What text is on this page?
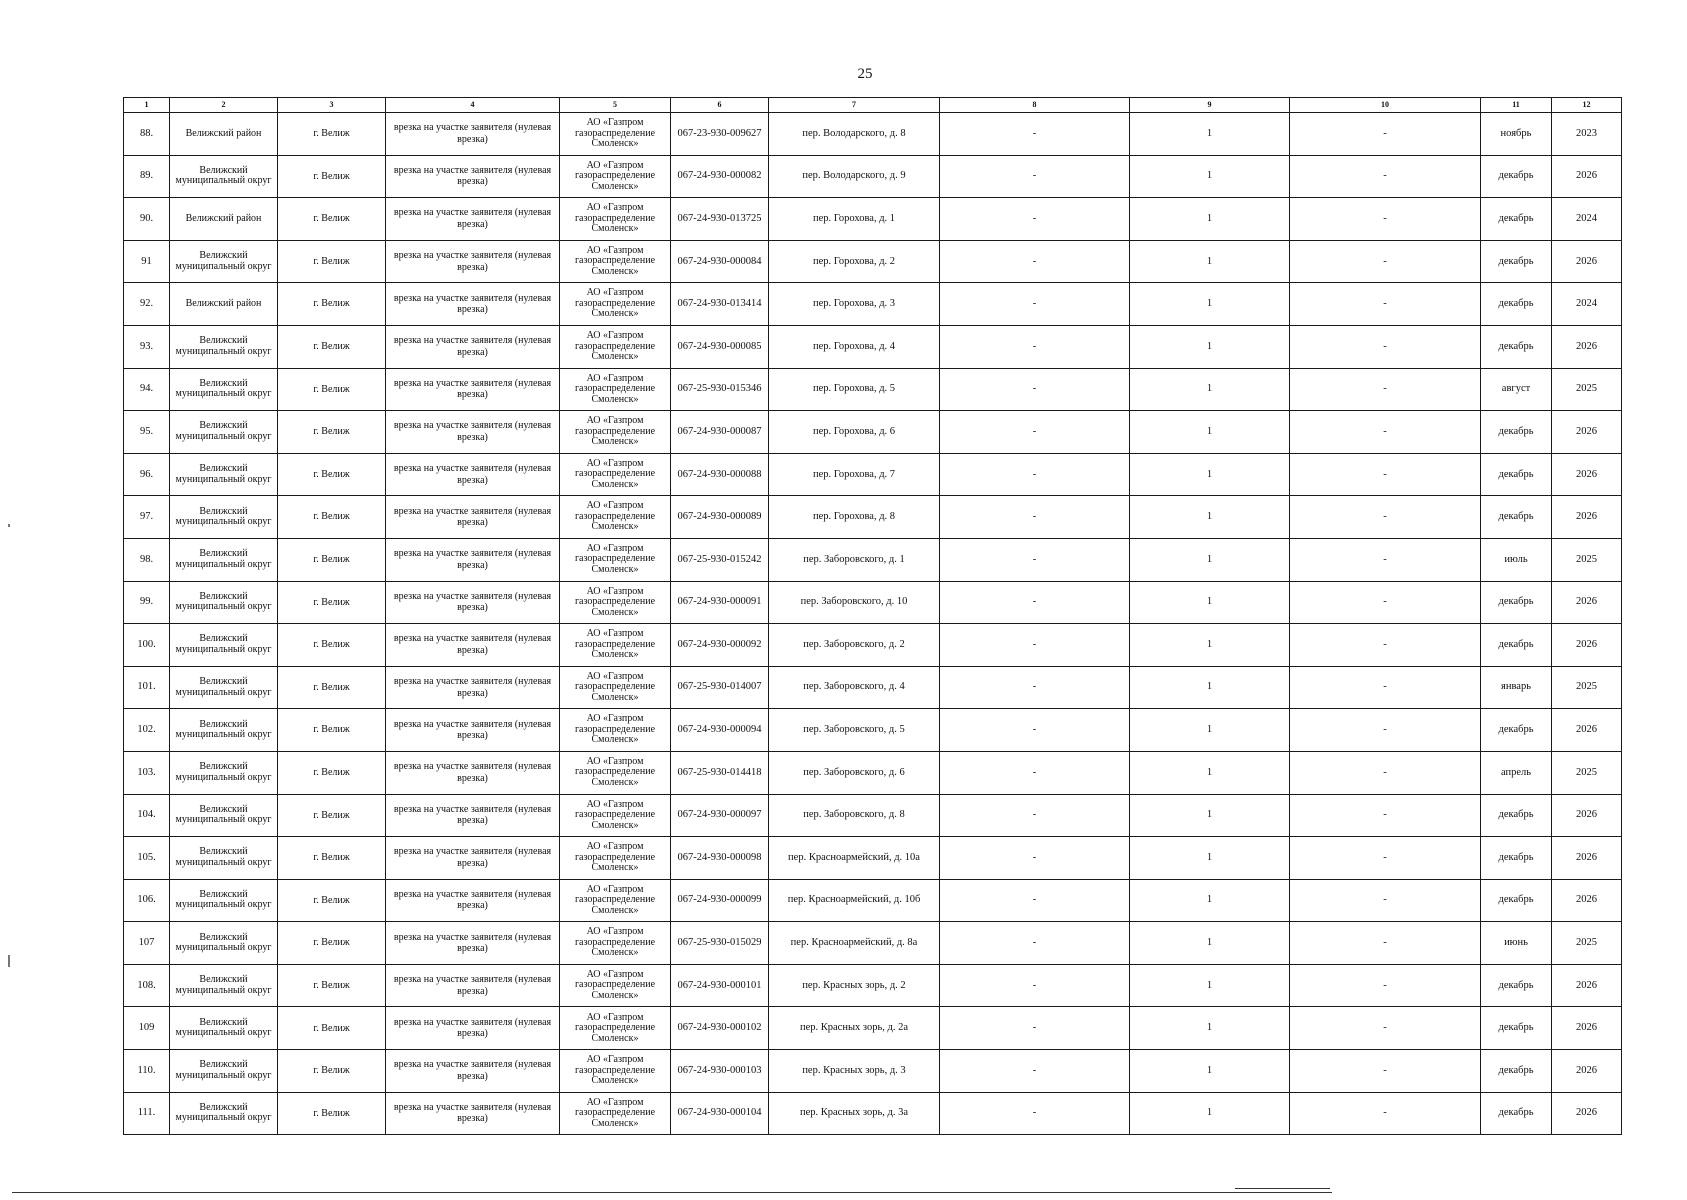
25
1	2	3	4	5	6	7	8	9	10	11	12
88.	Велижский район	г. Велиж	врезка на участке заявителя (нулевая врезка)	АО «Газпром газораспределение Смоленск»	067-23-930-009627	пер. Володарского, д. 8	-	1	-	ноябрь	2023
89.	Велижский муниципальный округ	г. Велиж	врезка на участке заявителя (нулевая врезка)	АО «Газпром газораспределение Смоленск»	067-24-930-000082	пер. Володарского, д. 9	-	1	-	декабрь	2026
90.	Велижский район	г. Велиж	врезка на участке заявителя (нулевая врезка)	АО «Газпром газораспределение Смоленск»	067-24-930-013725	пер. Горохова, д. 1	-	1	-	декабрь	2024
91	Велижский муниципальный округ	г. Велиж	врезка на участке заявителя (нулевая врезка)	АО «Газпром газораспределение Смоленск»	067-24-930-000084	пер. Горохова, д. 2	-	1	-	декабрь	2026
92.	Велижский район	г. Велиж	врезка на участке заявителя (нулевая врезка)	АО «Газпром газораспределение Смоленск»	067-24-930-013414	пер. Горохова, д. 3	-	1	-	декабрь	2024
93.	Велижский муниципальный округ	г. Велиж	врезка на участке заявителя (нулевая врезка)	АО «Газпром газораспределение Смоленск»	067-24-930-000085	пер. Горохова, д. 4	-	1	-	декабрь	2026
94.	Велижский муниципальный округ	г. Велиж	врезка на участке заявителя (нулевая врезка)	АО «Газпром газораспределение Смоленск»	067-25-930-015346	пер. Горохова, д. 5	-	1	-	август	2025
95.	Велижский муниципальный округ	г. Велиж	врезка на участке заявителя (нулевая врезка)	АО «Газпром газораспределение Смоленск»	067-24-930-000087	пер. Горохова, д. 6	-	1	-	декабрь	2026
96.	Велижский муниципальный округ	г. Велиж	врезка на участке заявителя (нулевая врезка)	АО «Газпром газораспределение Смоленск»	067-24-930-000088	пер. Горохова, д. 7	-	1	-	декабрь	2026
97.	Велижский муниципальный округ	г. Велиж	врезка на участке заявителя (нулевая врезка)	АО «Газпром газораспределение Смоленск»	067-24-930-000089	пер. Горохова, д. 8	-	1	-	декабрь	2026
98.	Велижский муниципальный округ	г. Велиж	врезка на участке заявителя (нулевая врезка)	АО «Газпром газораспределение Смоленск»	067-25-930-015242	пер. Заборовского, д. 1	-	1	-	июль	2025
99.	Велижский муниципальный округ	г. Велиж	врезка на участке заявителя (нулевая врезка)	АО «Газпром газораспределение Смоленск»	067-24-930-000091	пер. Заборовского, д. 10	-	1	-	декабрь	2026
100.	Велижский муниципальный округ	г. Велиж	врезка на участке заявителя (нулевая врезка)	АО «Газпром газораспределение Смоленск»	067-24-930-000092	пер. Заборовского, д. 2	-	1	-	декабрь	2026
101.	Велижский муниципальный округ	г. Велиж	врезка на участке заявителя (нулевая врезка)	АО «Газпром газораспределение Смоленск»	067-25-930-014007	пер. Заборовского, д. 4	-	1	-	январь	2025
102.	Велижский муниципальный округ	г. Велиж	врезка на участке заявителя (нулевая врезка)	АО «Газпром газораспределение Смоленск»	067-24-930-000094	пер. Заборовского, д. 5	-	1	-	декабрь	2026
103.	Велижский муниципальный округ	г. Велиж	врезка на участке заявителя (нулевая врезка)	АО «Газпром газораспределение Смоленск»	067-25-930-014418	пер. Заборовского, д. 6	-	1	-	апрель	2025
104.	Велижский муниципальный округ	г. Велиж	врезка на участке заявителя (нулевая врезка)	АО «Газпром газораспределение Смоленск»	067-24-930-000097	пер. Заборовского, д. 8	-	1	-	декабрь	2026
105.	Велижский муниципальный округ	г. Велиж	врезка на участке заявителя (нулевая врезка)	АО «Газпром газораспределение Смоленск»	067-24-930-000098	пер. Красноармейский, д. 10а	-	1	-	декабрь	2026
106.	Велижский муниципальный округ	г. Велиж	врезка на участке заявителя (нулевая врезка)	АО «Газпром газораспределение Смоленск»	067-24-930-000099	пер. Красноармейский, д. 10б	-	1	-	декабрь	2026
107	Велижский муниципальный округ	г. Велиж	врезка на участке заявителя (нулевая врезка)	АО «Газпром газораспределение Смоленск»	067-25-930-015029	пер. Красноармейский, д. 8а	-	1	-	июнь	2025
108.	Велижский муниципальный округ	г. Велиж	врезка на участке заявителя (нулевая врезка)	АО «Газпром газораспределение Смоленск»	067-24-930-000101	пер. Красных зорь, д. 2	-	1	-	декабрь	2026
109	Велижский муниципальный округ	г. Велиж	врезка на участке заявителя (нулевая врезка)	АО «Газпром газораспределение Смоленск»	067-24-930-000102	пер. Красных зорь, д. 2а	-	1	-	декабрь	2026
110.	Велижский муниципальный округ	г. Велиж	врезка на участке заявителя (нулевая врезка)	АО «Газпром газораспределение Смоленск»	067-24-930-000103	пер. Красных зорь, д. 3	-	1	-	декабрь	2026
111.	Велижский муниципальный округ	г. Велиж	врезка на участке заявителя (нулевая врезка)	АО «Газпром газораспределение Смоленск»	067-24-930-000104	пер. Красных зорь, д. 3а	-	1	-	декабрь	2026
